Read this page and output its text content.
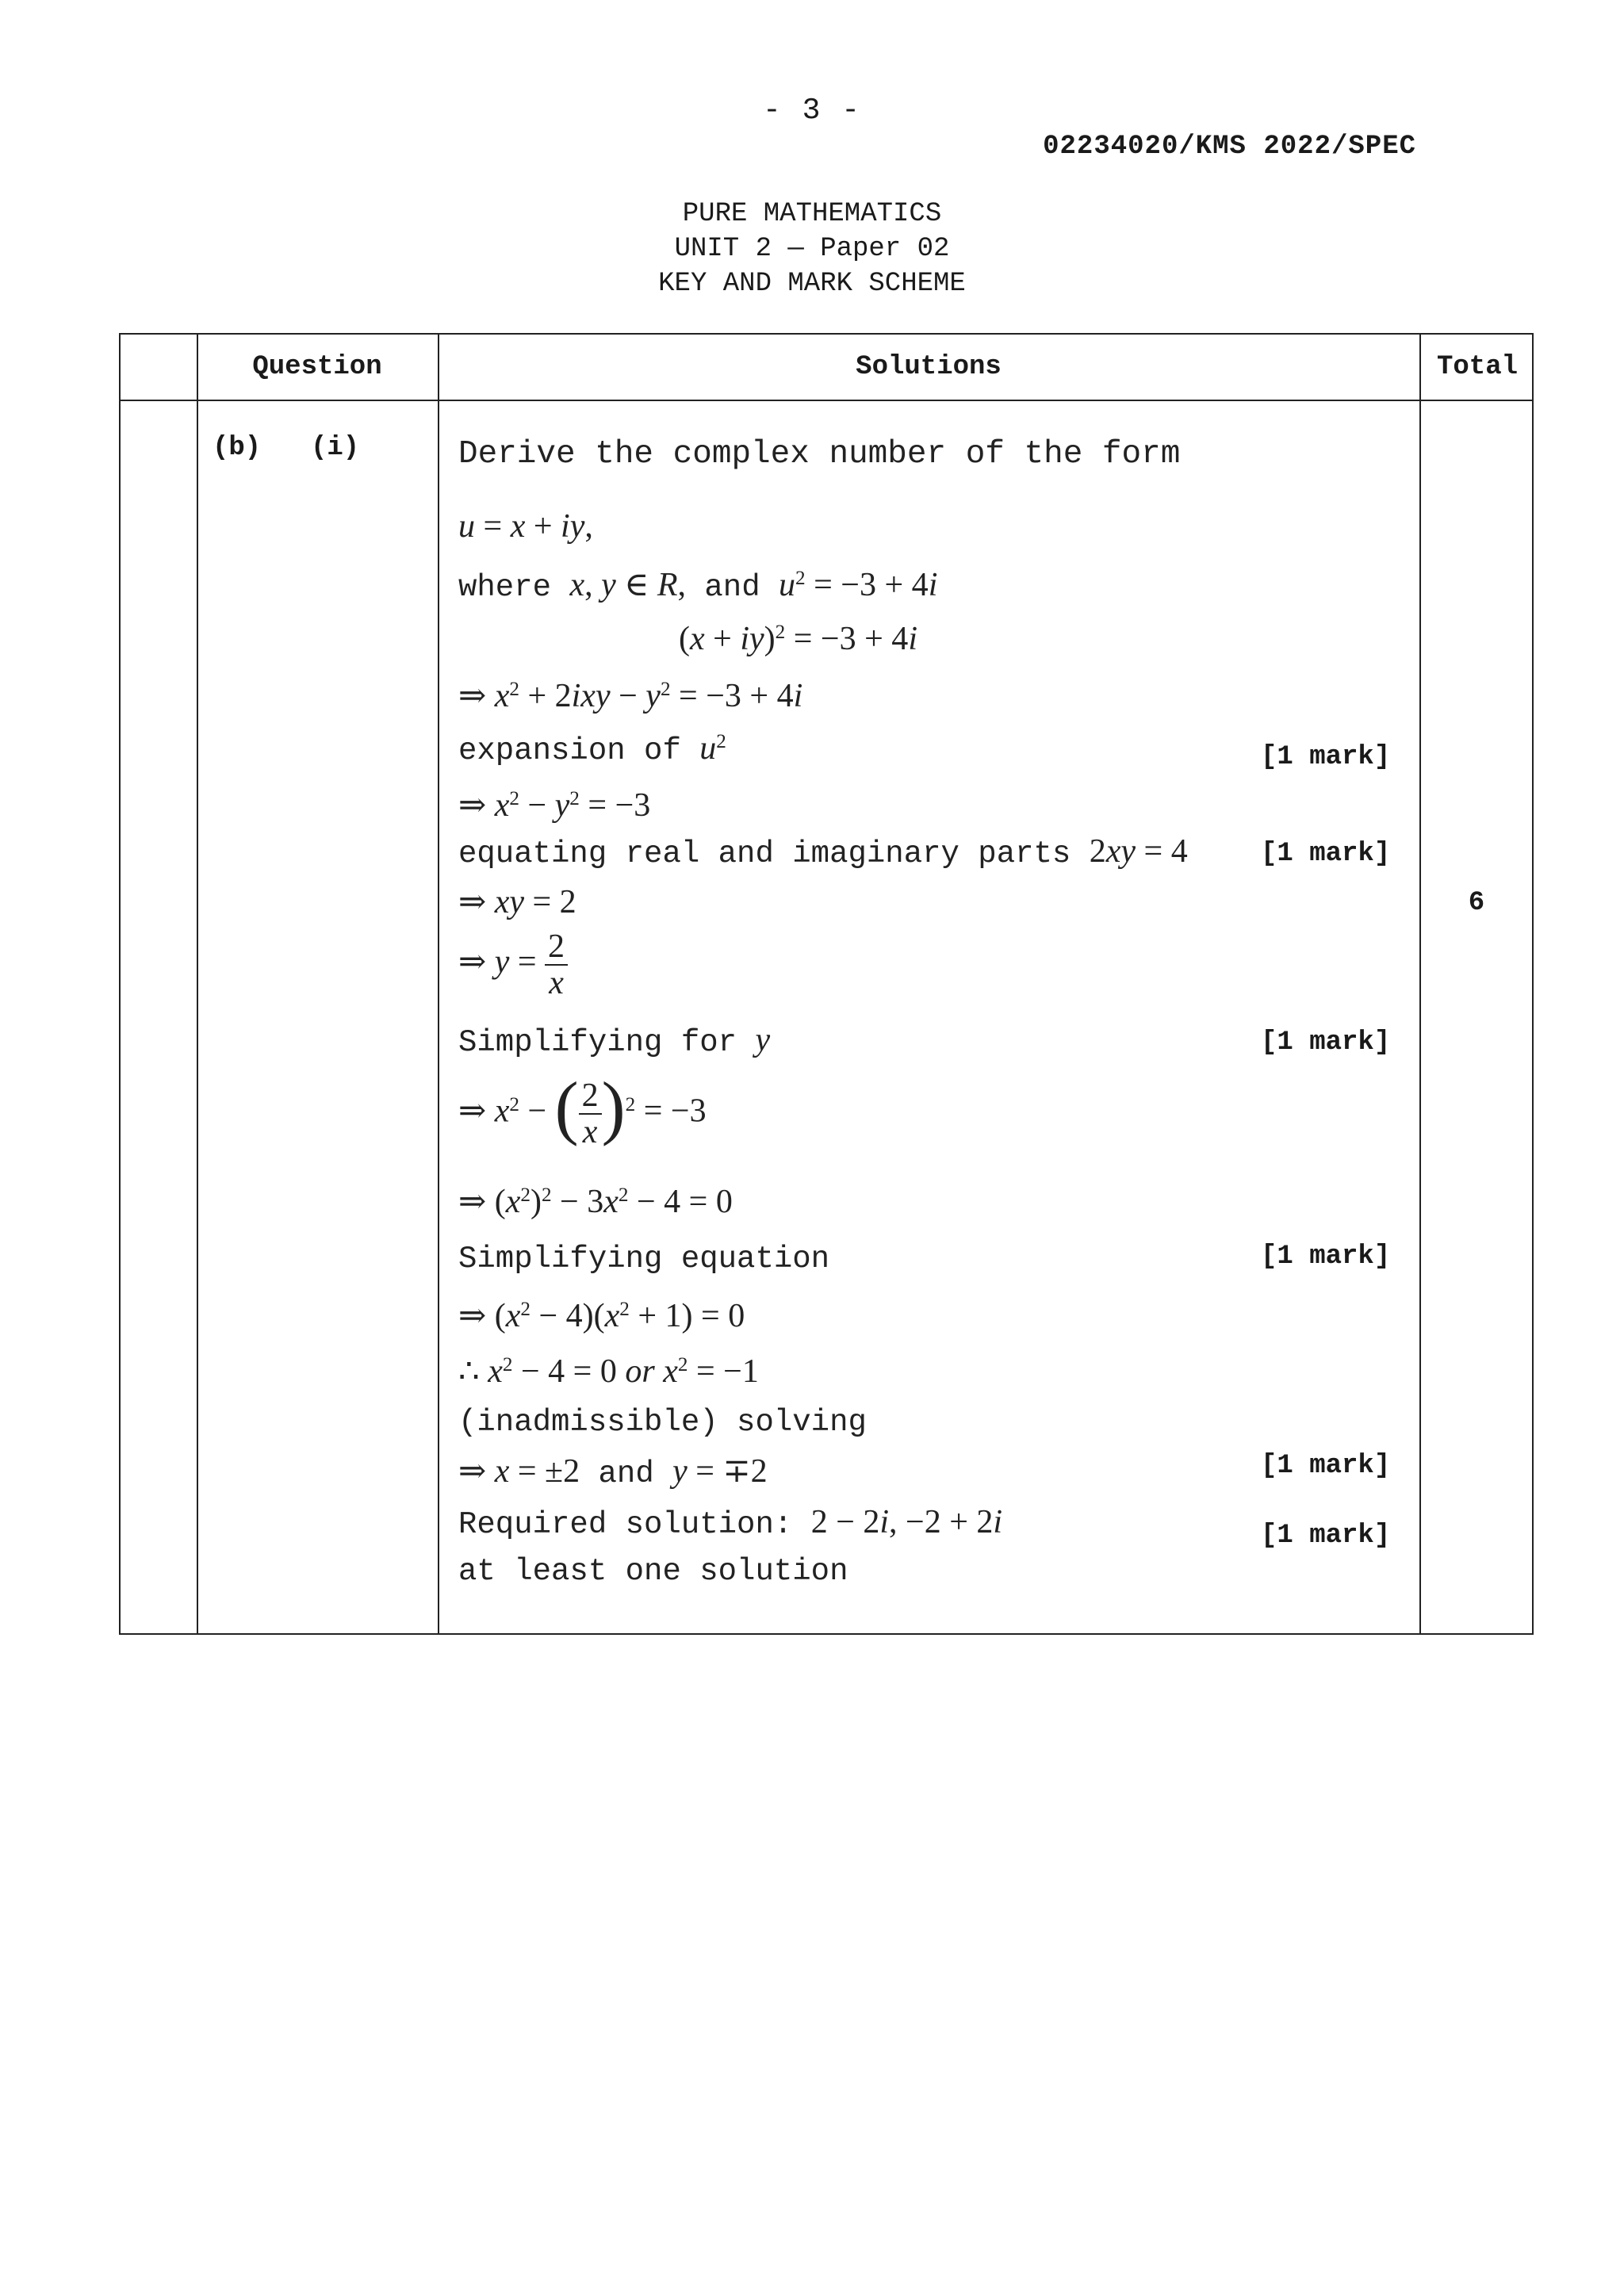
- 3 -
02234020/KMS 2022/SPEC
PURE MATHEMATICS
UNIT 2 — Paper 02
KEY AND MARK SCHEME
Question	Solutions	Total
(b) (i)	Derive the complex number of the form
u = x + iy,
where x, y ∈ R, and $u^2 = -3 + 4i$
(x + iy)$^2$ = −3 + 4i
⇒ $x^2 + 2ixy - y^2 = -3 + 4i$
expansion of $u^2$
[1 mark]
⇒ $x^2 - y^2 = -3$
equating real and imaginary parts 2xy = 4	[1 mark]
⇒ xy = 2
⇒ $y = \frac{2}{x}$
Simplifying for y	[1 mark]
⇒ $x^2$ − ( $\frac{2}{x} )^2 = -3$
⇒ $(x^2)^2 - 3x^2 - 4 = 0$
Simplifying equation	[1 mark]
⇒ $(x^2 - 4)(x^2 + 1) = 0$
∴ $x^2 - 4 = 0$ or $x^2 = -1$
(inadmissible) solving
⇒ x = ±2 and y = ∓2	[1 mark]
Required solution: 2 − 2i, −2 + 2i	[1 mark]
at least one solution
6
